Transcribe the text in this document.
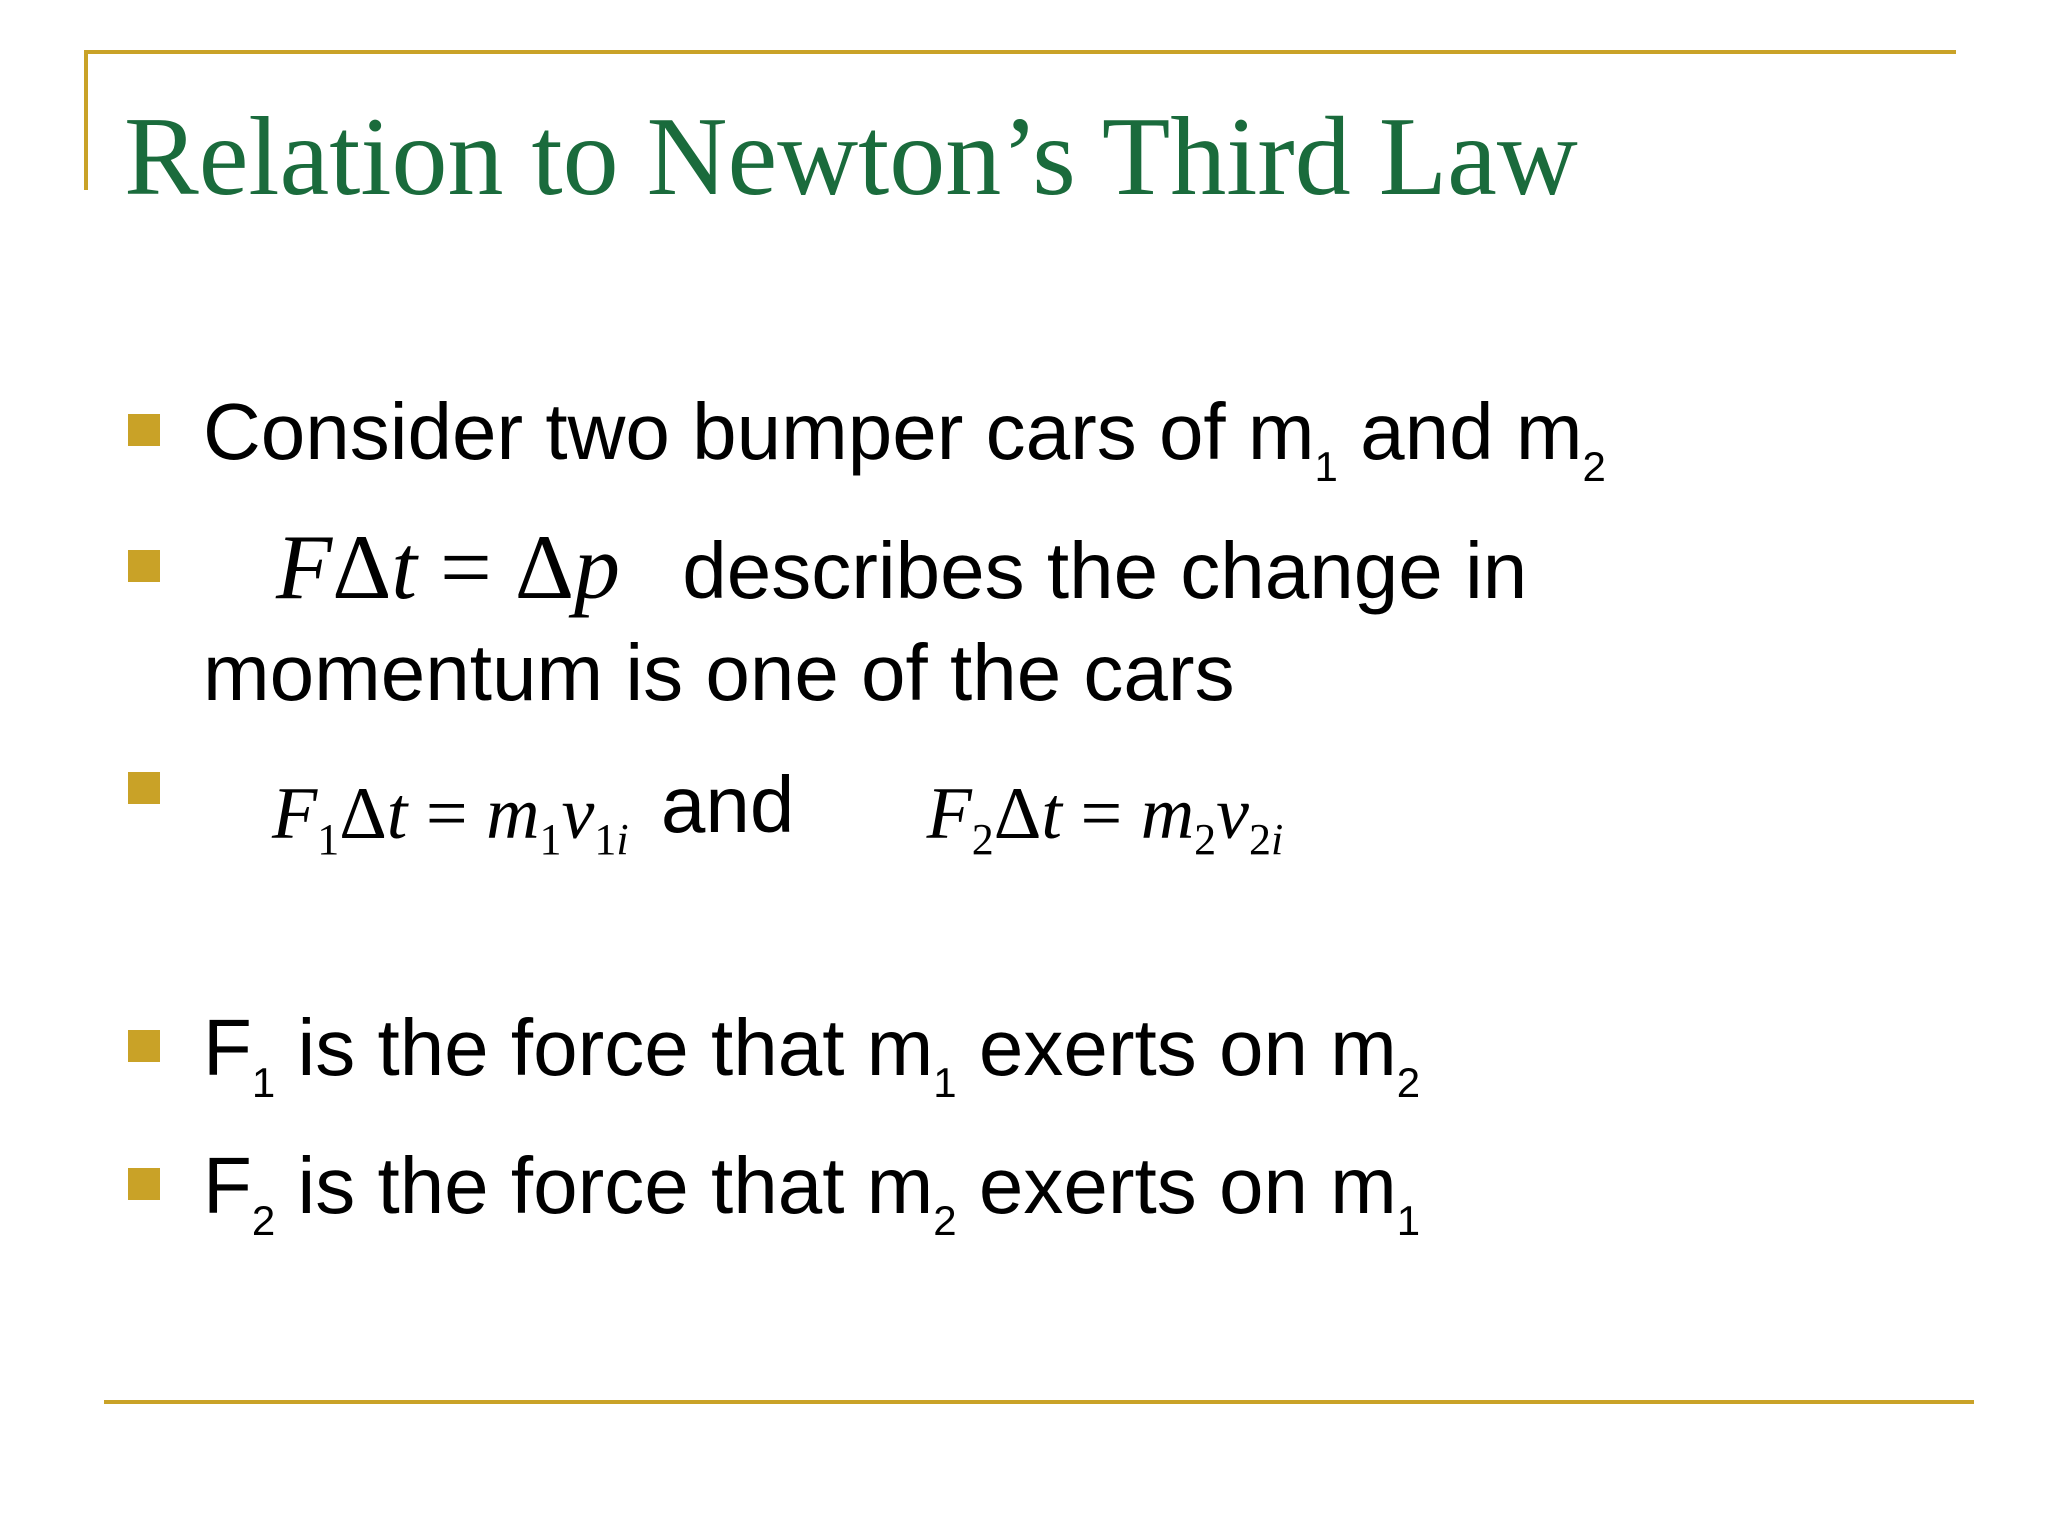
Relation to Newton’s Third Law
Consider two bumper cars of $m_1$ and $m_2$
FΔt = Δp describes the change in
momentum is one of the cars
$F_1\Delta t = m_1v_{1i}$ and $F_2\Delta t = m_2v_{2i}$
$F_1$ is the force that $m_1$ exerts on $m_2$
$F_2$ is the force that $m_2$ exerts on $m_1$
